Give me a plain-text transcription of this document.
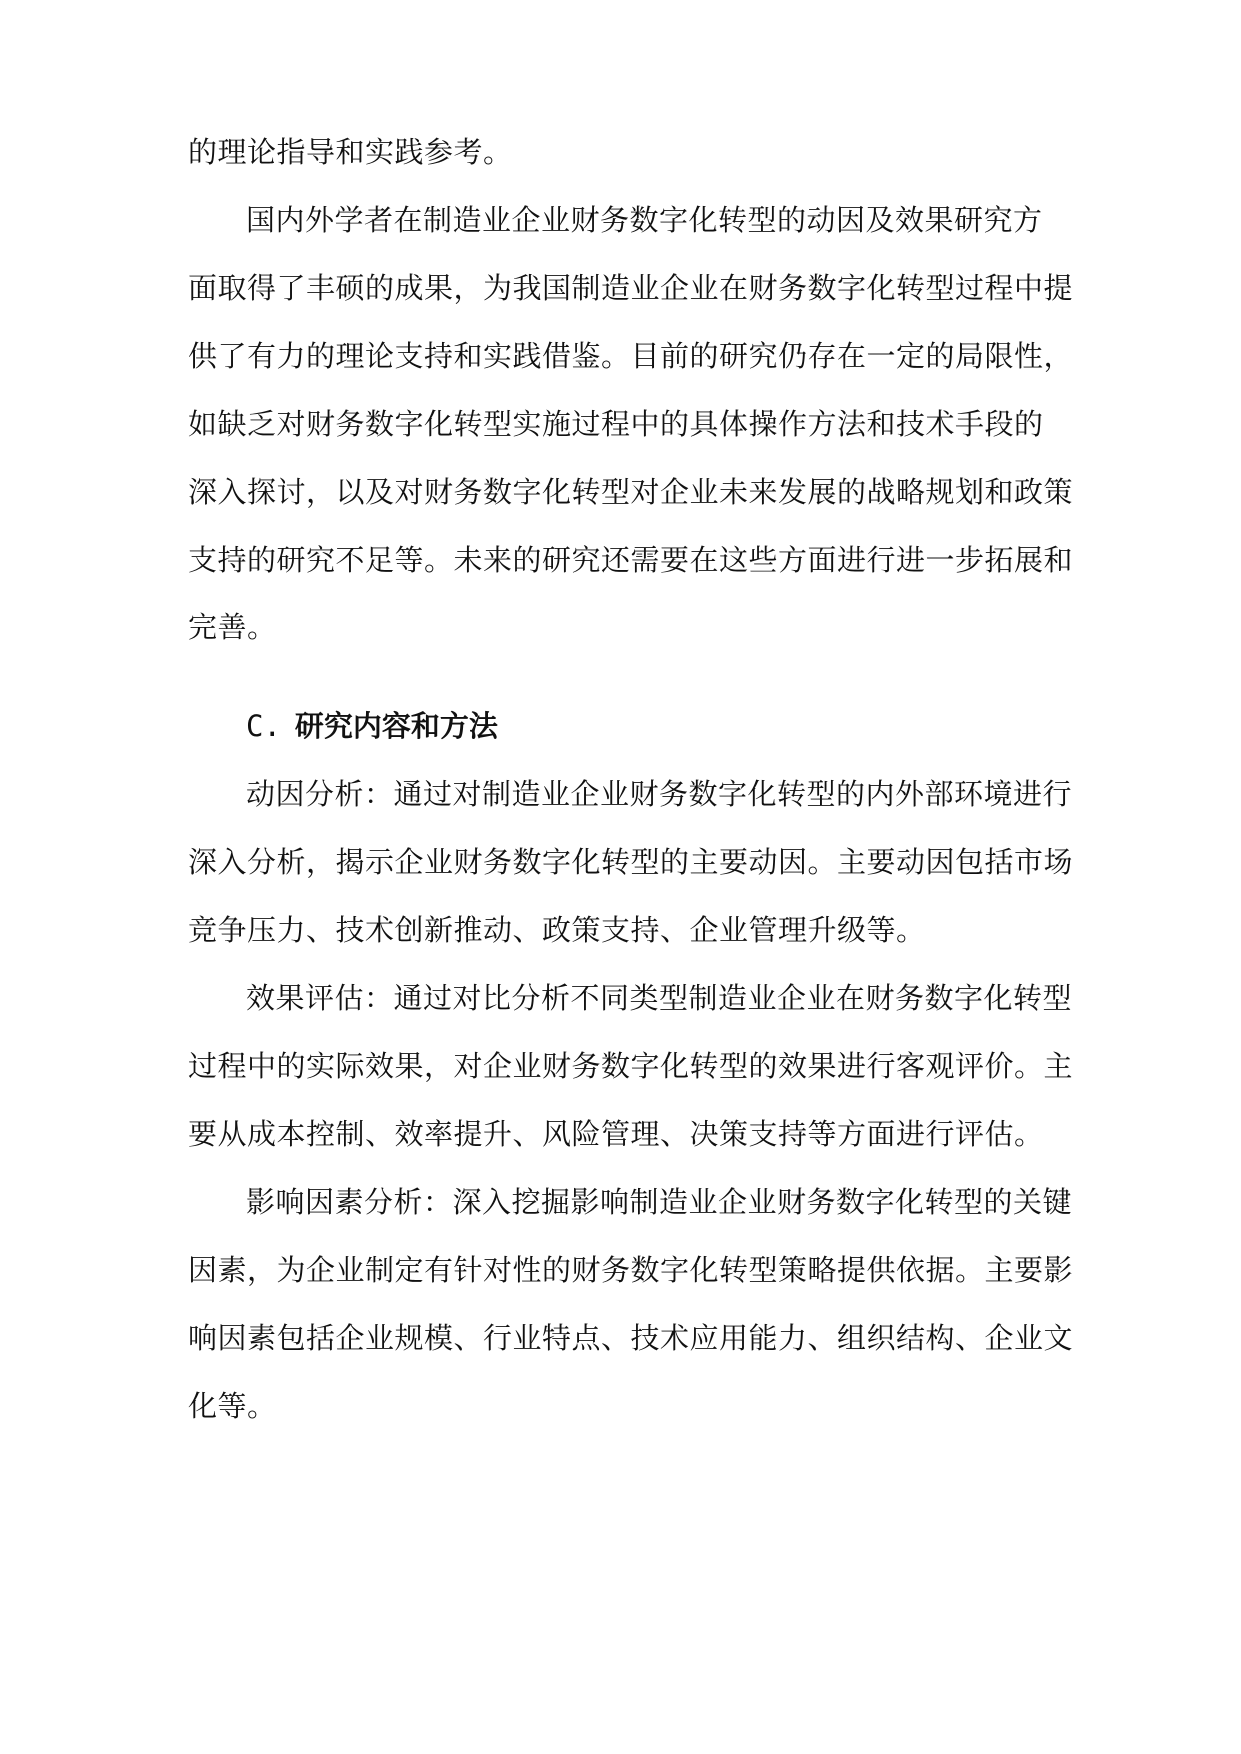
的理论指导和实践参考。
国内外学者在制造业企业财务数字化转型的动因及效果研究方
面取得了丰硕的成果，为我国制造业企业在财务数字化转型过程中提
供了有力的理论支持和实践借鉴。目前的研究仍存在一定的局限性，
如缺乏对财务数字化转型实施过程中的具体操作方法和技术手段的
深入探讨，以及对财务数字化转型对企业未来发展的战略规划和政策
支持的研究不足等。未来的研究还需要在这些方面进行进一步拓展和
完善。
C. 研究内容和方法
动因分析：通过对制造业企业财务数字化转型的内外部环境进行
深入分析，揭示企业财务数字化转型的主要动因。主要动因包括市场
竞争压力、技术创新推动、政策支持、企业管理升级等。
效果评估：通过对比分析不同类型制造业企业在财务数字化转型
过程中的实际效果，对企业财务数字化转型的效果进行客观评价。主
要从成本控制、效率提升、风险管理、决策支持等方面进行评估。
影响因素分析：深入挖掘影响制造业企业财务数字化转型的关键
因素，为企业制定有针对性的财务数字化转型策略提供依据。主要影
响因素包括企业规模、行业特点、技术应用能力、组织结构、企业文
化等。
